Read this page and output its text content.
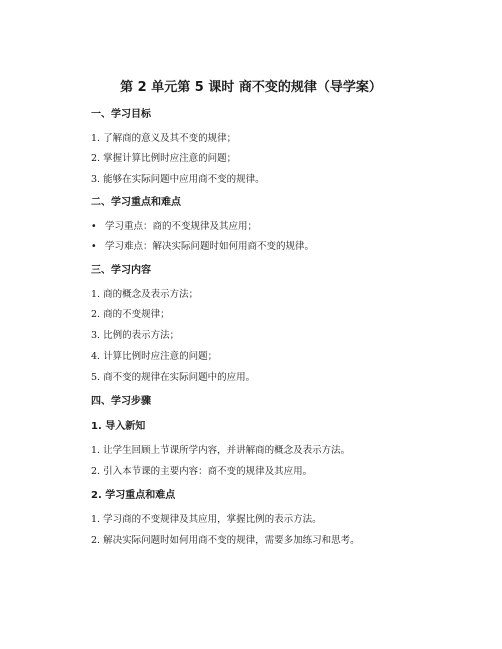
第 2 单元第 5 课时 商不变的规律（导学案）
一、学习目标
1. 了解商的意义及其不变的规律；
2. 掌握计算比例时应注意的问题；
3. 能够在实际问题中应用商不变的规律。
二、学习重点和难点
• 学习重点：商的不变规律及其应用；
• 学习难点：解决实际问题时如何用商不变的规律。
三、学习内容
1. 商的概念及表示方法；
2. 商的不变规律；
3. 比例的表示方法；
4. 计算比例时应注意的问题；
5. 商不变的规律在实际问题中的应用。
四、学习步骤
1. 导入新知
1. 让学生回顾上节课所学内容，并讲解商的概念及表示方法。
2. 引入本节课的主要内容：商不变的规律及其应用。
2. 学习重点和难点
1. 学习商的不变规律及其应用，掌握比例的表示方法。
2. 解决实际问题时如何用商不变的规律，需要多加练习和思考。
